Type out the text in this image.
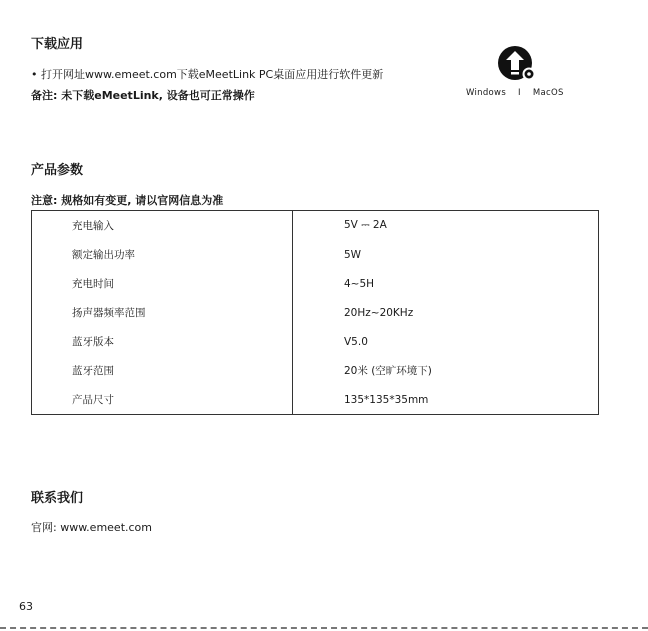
下载应用
• 打开网址www.emeet.com下载eMeetLink PC桌面应用进行软件更新
备注: 未下载eMeetLink, 设备也可正常操作	Windows    I    MacOS
产品参数
注意: 规格如有变更, 请以官网信息为准
充电输入	5V ⎓ 2A
额定输出功率	5W
充电时间	4~5H
扬声器频率范围	20Hz~20KHz
蓝牙版本	V5.0
蓝牙范围	20米 (空旷环境下)
产品尺寸	135*135*35mm
联系我们
官网: www.emeet.com
63
